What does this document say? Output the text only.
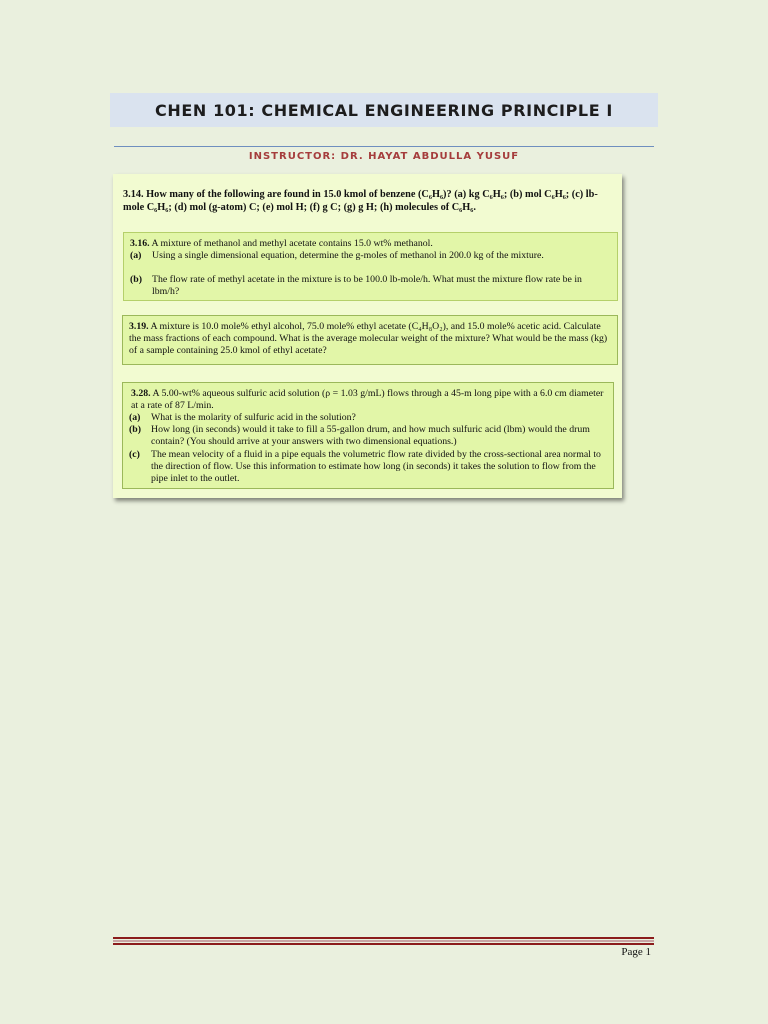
CHEN 101: CHEMICAL ENGINEERING PRINCIPLE I
INSTRUCTOR: DR. HAYAT ABDULLA YUSUF
3.14. How many of the following are found in 15.0 kmol of benzene (C₆H₆)? (a) kg C₆H₆; (b) mol C₆H₆; (c) lb-mole C₆H₆; (d) mol (g-atom) C; (e) mol H; (f) g C; (g) g H; (h) molecules of C₆H₆.
3.16. A mixture of methanol and methyl acetate contains 15.0 wt% methanol.
(a) Using a single dimensional equation, determine the g-moles of methanol in 200.0 kg of the mixture.
(b) The flow rate of methyl acetate in the mixture is to be 100.0 lb-mole/h. What must the mixture flow rate be in lbm/h?
3.19. A mixture is 10.0 mole% ethyl alcohol, 75.0 mole% ethyl acetate (C₄H₈O₂), and 15.0 mole% acetic acid. Calculate the mass fractions of each compound. What is the average molecular weight of the mixture? What would be the mass (kg) of a sample containing 25.0 kmol of ethyl acetate?
3.28. A 5.00-wt% aqueous sulfuric acid solution (ρ = 1.03 g/mL) flows through a 45-m long pipe with a 6.0 cm diameter at a rate of 87 L/min.
(a) What is the molarity of sulfuric acid in the solution?
(b) How long (in seconds) would it take to fill a 55-gallon drum, and how much sulfuric acid (lbm) would the drum contain? (You should arrive at your answers with two dimensional equations.)
(c) The mean velocity of a fluid in a pipe equals the volumetric flow rate divided by the cross-sectional area normal to the direction of flow. Use this information to estimate how long (in seconds) it takes the solution to flow from the pipe inlet to the outlet.
Page 1
